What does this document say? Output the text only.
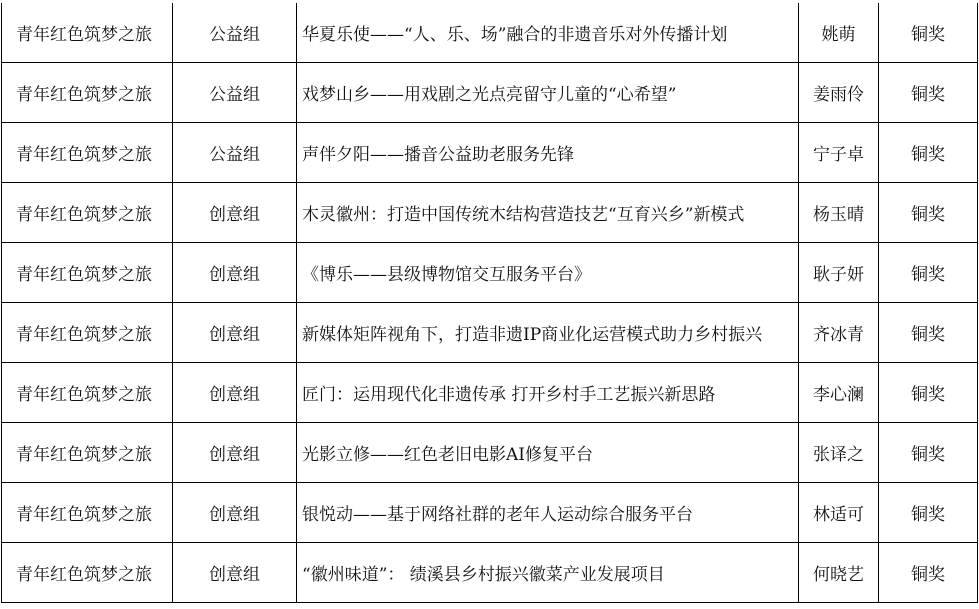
青年红色筑梦之旅	公益组	华夏乐使——“人、乐、场”融合的非遗音乐对外传播计划	姚萌	铜奖
青年红色筑梦之旅	公益组	戏梦山乡——用戏剧之光点亮留守儿童的“心希望”	姜雨伶	铜奖
青年红色筑梦之旅	公益组	声伴夕阳——播音公益助老服务先锋	宁子卓	铜奖
青年红色筑梦之旅	创意组	木灵徽州：打造中国传统木结构营造技艺“互育兴乡”新模式	杨玉晴	铜奖
青年红色筑梦之旅	创意组	《博乐——县级博物馆交互服务平台》	耿子妍	铜奖
青年红色筑梦之旅	创意组	新媒体矩阵视角下，打造非遗IP商业化运营模式助力乡村振兴	齐冰青	铜奖
青年红色筑梦之旅	创意组	匠门：运用现代化非遗传承 打开乡村手工艺振兴新思路	李心澜	铜奖
青年红色筑梦之旅	创意组	光影立修——红色老旧电影AI修复平台	张译之	铜奖
青年红色筑梦之旅	创意组	银悦动——基于网络社群的老年人运动综合服务平台	林适可	铜奖
青年红色筑梦之旅	创意组	“徽州味道”： 绩溪县乡村振兴徽菜产业发展项目	何晓艺	铜奖
